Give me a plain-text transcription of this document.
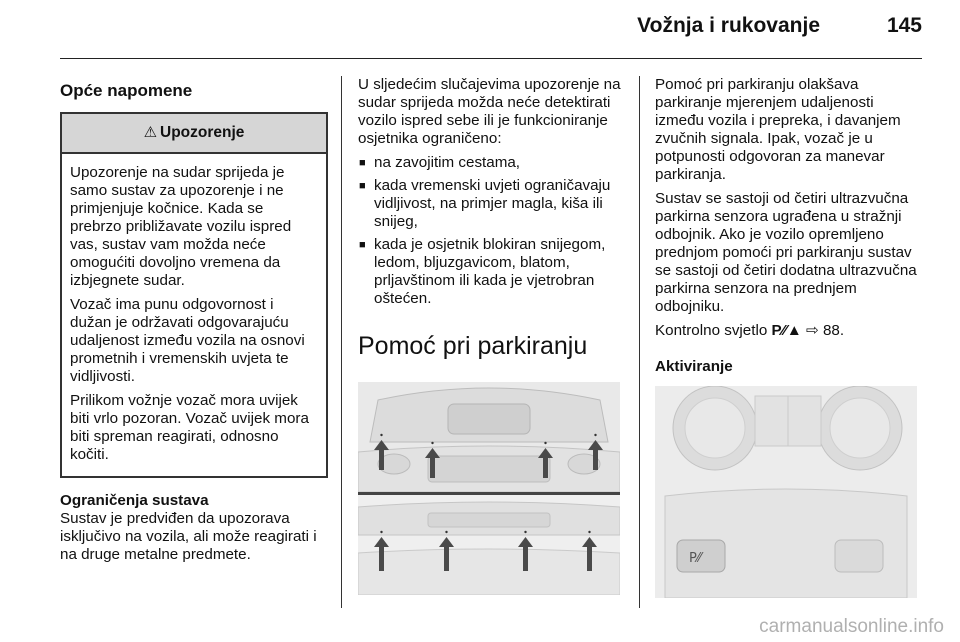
Vožnja i rukovanje	145
Opće napomene
⚠ Upozorenje

Upozorenje na sudar sprijeda je samo sustav za upozorenje i ne primjenjuje kočnice. Kada se prebrzo približavate vozilu ispred vas, sustav vam možda neće omogućiti dovoljno vremena da izbjegnete sudar.

Vozač ima punu odgovornost i dužan je održavati odgovarajuću udaljenost između vozila na osnovi prometnih i vremenskih uvjeta te vidljivosti.

Prilikom vožnje vozač mora uvijek biti vrlo pozoran. Vozač uvijek mora biti spreman reagirati, odnosno kočiti.

Ograničenja sustava

Sustav je predviđen da upozorava isključivo na vozila, ali može reagirati i na druge metalne predmete.

U sljedećim slučajevima upozorenje na sudar sprijeda možda neće detektirati vozilo ispred sebe ili je funkcioniranje osjetnika ograničeno:

■ na zavojitim cestama,
■ kada vremenski uvjeti ograničavaju vidljivost, na primjer magla, kiša ili snijeg,
■ kada je osjetnik blokiran snijegom, ledom, bljuzgavicom, blatom, prljavštinom ili kada je vjetrobran oštećen.
Pomoć pri parkiranju

Pomoć pri parkiranju olakšava parkiranje mjerenjem udaljenosti između vozila i prepreka, i davanjem zvučnih signala. Ipak, vozač je u potpunosti odgovoran za manevar parkiranja.

Sustav se sastoji od četiri ultrazvučna parkirna senzora ugrađena u stražnji odbojnik. Ako je vozilo opremljeno prednjom pomoći pri parkiranju sustav se sastoji od četiri dodatna ultrazvučna parkirna senzora na prednjem odbojniku.

Kontrolno svjetlo P⁄⁄▲ ⇨ 88.

Aktiviranje

P⁄⁄
carmanualsonline.info
